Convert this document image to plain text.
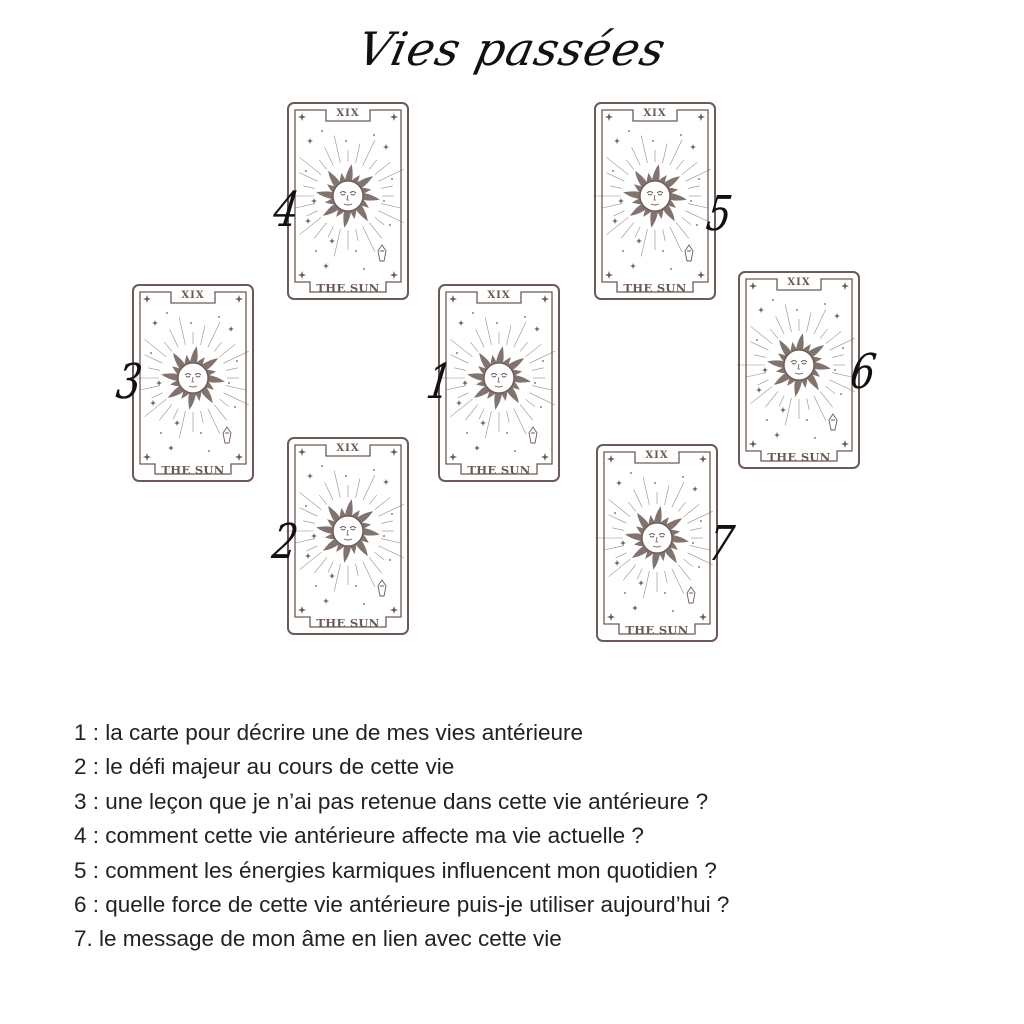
Vies passées
XIX
THE SUN
XIX
THE SUN
XIX
THE SUN
XIX
THE SUN
XIX
THE SUN	XIX
THE SUN
XIX
THE SUN
1
2
3
4	5
6
7
1 : la carte pour décrire une de mes vies antérieure
2 : le défi majeur au cours de cette vie
3 : une leçon que je n’ai pas retenue dans cette vie antérieure ?
4 : comment cette vie antérieure affecte ma vie actuelle ?
5 : comment les énergies karmiques influencent mon quotidien ?
6 : quelle force de cette vie antérieure puis-je utiliser aujourd’hui ?
7. le message de mon âme en lien avec cette vie
